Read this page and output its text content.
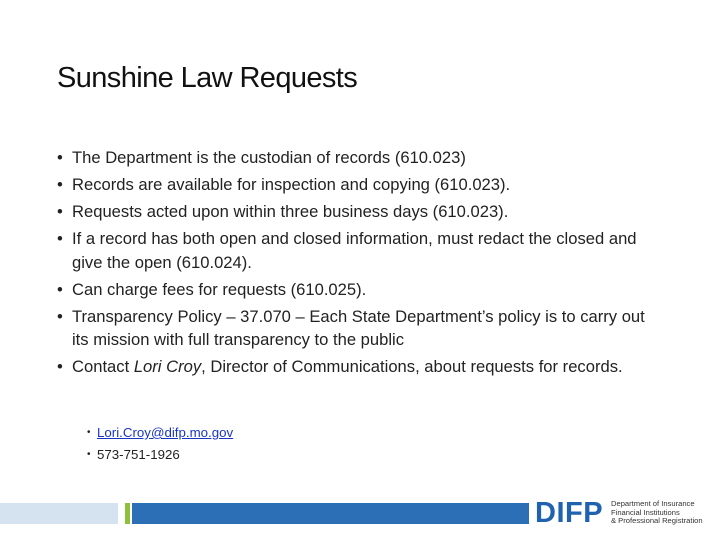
Sunshine Law Requests
• The Department is the custodian of records (610.023)
• Records are available for inspection and copying (610.023).
• Requests acted upon within three business days (610.023).
• If a record has both open and closed information, must redact the closed and give the open (610.024).
• Can charge fees for requests (610.025).
• Transparency Policy – 37.070 – Each State Department’s policy is to carry out its mission with full transparency to the public
• Contact Lori Croy, Director of Communications, about requests for records.
• Lori.Croy@difp.mo.gov
• 573-751-1926
DIFP Department of Insurance
Financial Institutions
& Professional Registration
